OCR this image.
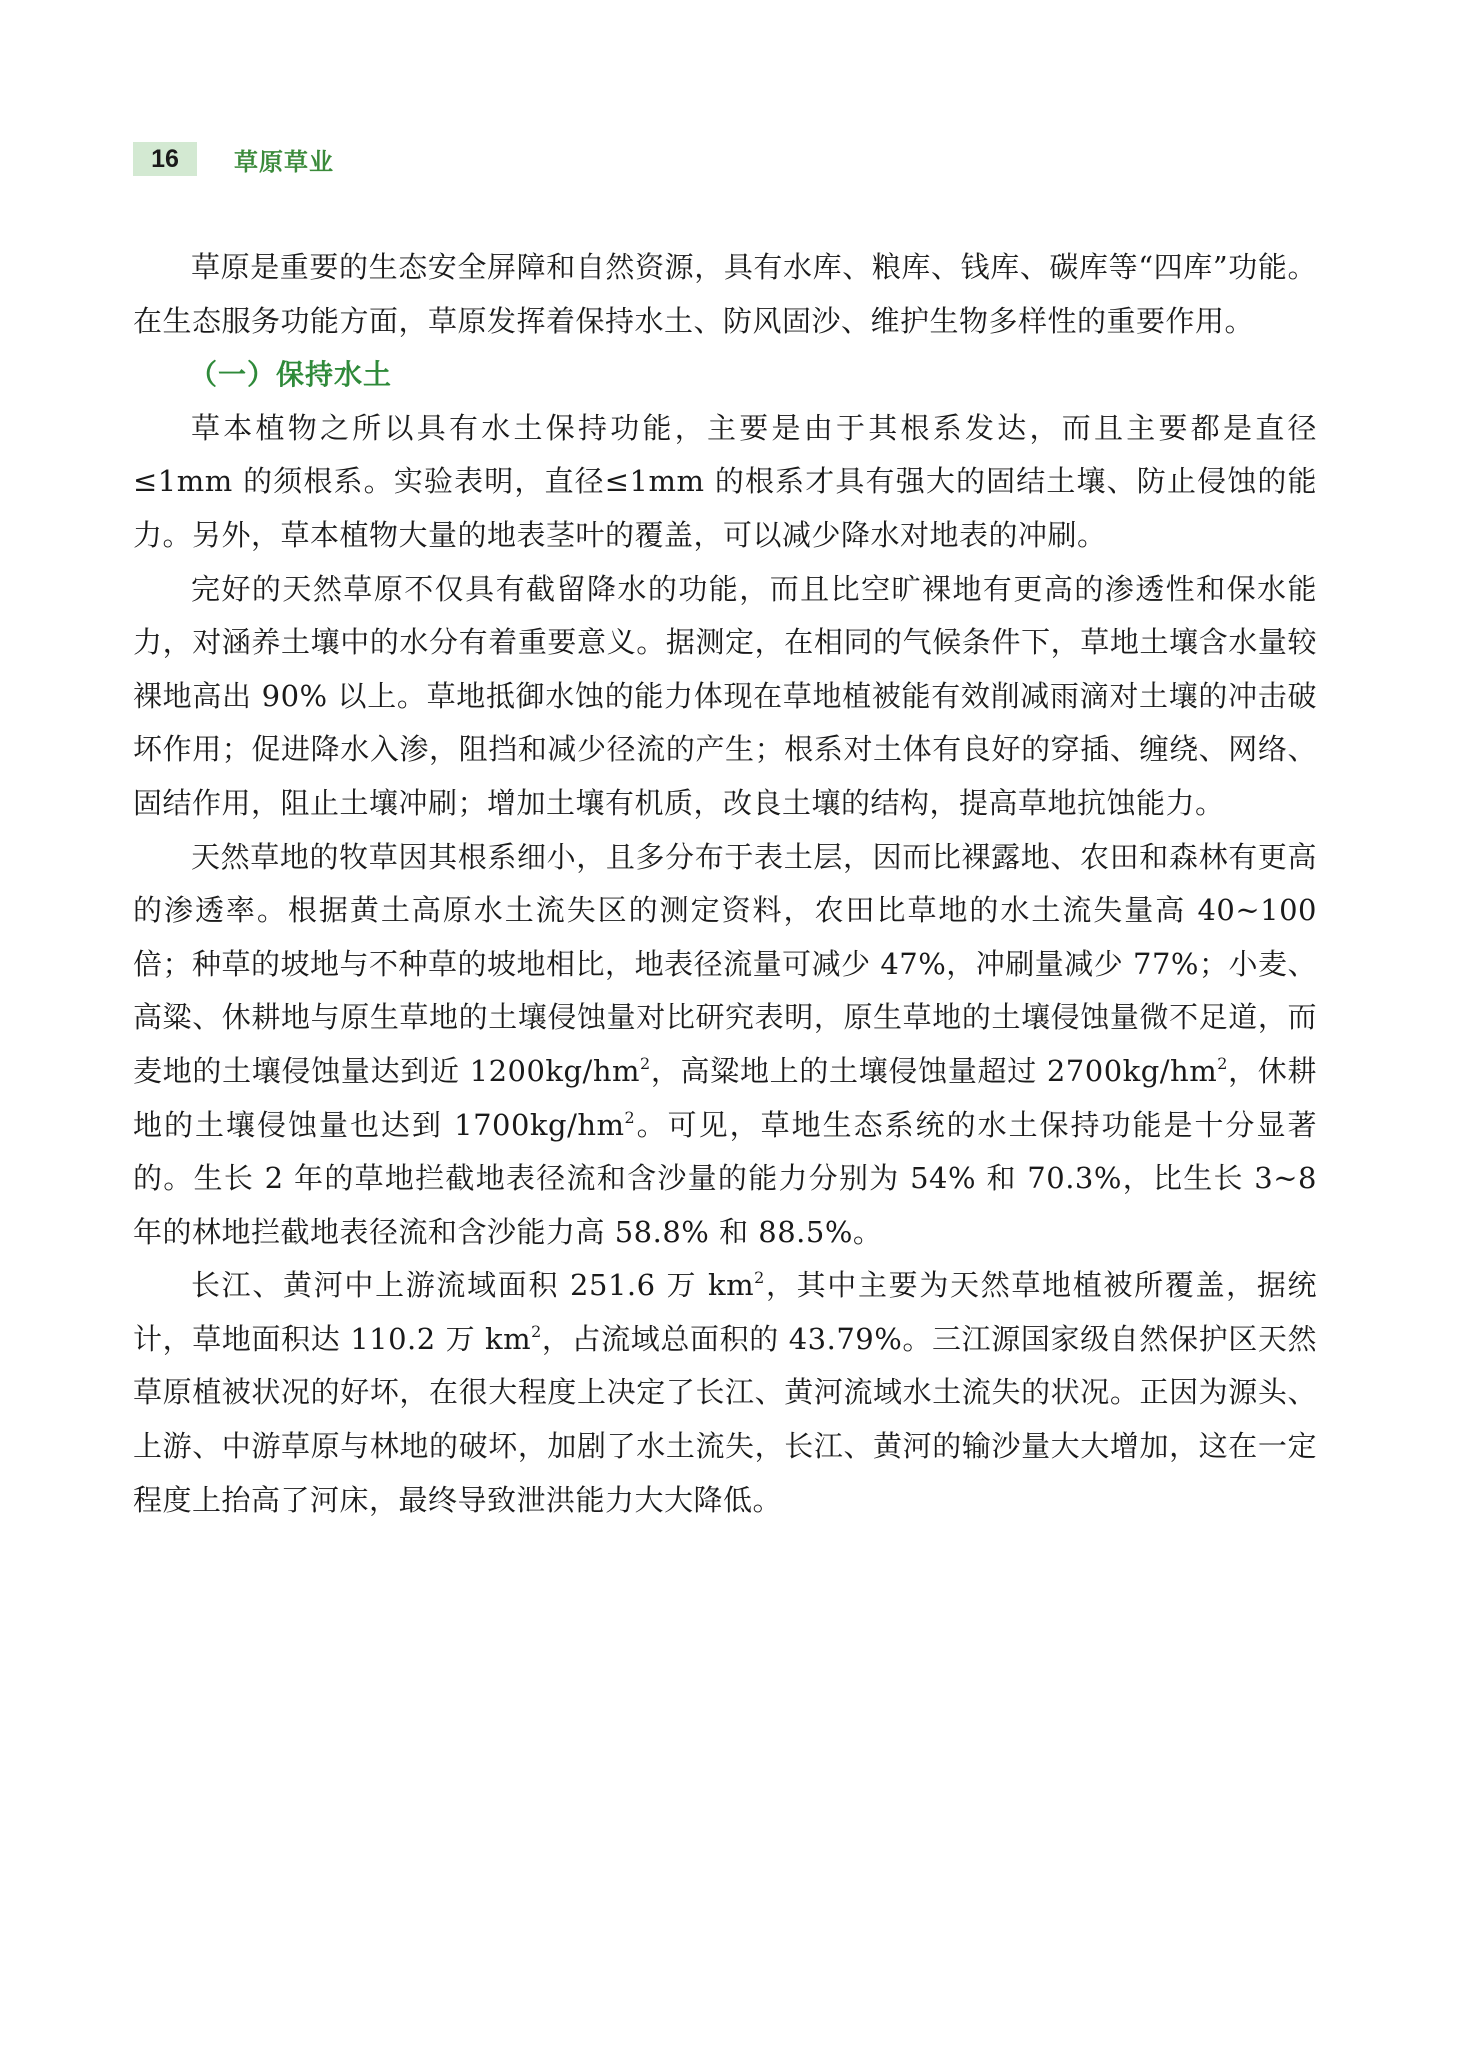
16	草原草业

草原是重要的生态安全屏障和自然资源，具有水库、粮库、钱库、碳库等“四库”功能。在生态服务功能方面，草原发挥着保持水土、防风固沙、维护生物多样性的重要作用。

（一）保持水土

草本植物之所以具有水土保持功能，主要是由于其根系发达，而且主要都是直径≤1mm 的须根系。实验表明，直径≤1mm 的根系才具有强大的固结土壤、防止侵蚀的能力。另外，草本植物大量的地表茎叶的覆盖，可以减少降水对地表的冲刷。

完好的天然草原不仅具有截留降水的功能，而且比空旷裸地有更高的渗透性和保水能力，对涵养土壤中的水分有着重要意义。据测定，在相同的气候条件下，草地土壤含水量较裸地高出 90% 以上。草地抵御水蚀的能力体现在草地植被能有效削减雨滴对土壤的冲击破坏作用；促进降水入渗，阻挡和减少径流的产生；根系对土体有良好的穿插、缠绕、网络、固结作用，阻止土壤冲刷；增加土壤有机质，改良土壤的结构，提高草地抗蚀能力。

天然草地的牧草因其根系细小，且多分布于表土层，因而比裸露地、农田和森林有更高的渗透率。根据黄土高原水土流失区的测定资料，农田比草地的水土流失量高 40~100 倍；种草的坡地与不种草的坡地相比，地表径流量可减少 47%，冲刷量减少 77%；小麦、高粱、休耕地与原生草地的土壤侵蚀量对比研究表明，原生草地的土壤侵蚀量微不足道，而麦地的土壤侵蚀量达到近 $1200kg/hm^2$，高粱地上的土壤侵蚀量超过 $2700kg/hm^2$，休耕地的土壤侵蚀量也达到 $1700kg/hm^2$。可见，草地生态系统的水土保持功能是十分显著的。生长 2 年的草地拦截地表径流和含沙量的能力分别为 54% 和 70.3%，比生长 3~8 年的林地拦截地表径流和含沙能力高 58.8% 和 88.5%。

长江、黄河中上游流域面积 251.6 万 $km^2$，其中主要为天然草地植被所覆盖，据统计，草地面积达 110.2 万 $km^2$，占流域总面积的 43.79%。三江源国家级自然保护区天然草原植被状况的好坏，在很大程度上决定了长江、黄河流域水土流失的状况。正因为源头、上游、中游草原与林地的破坏，加剧了水土流失，长江、黄河的输沙量大大增加，这在一定程度上抬高了河床，最终导致泄洪能力大大降低。
